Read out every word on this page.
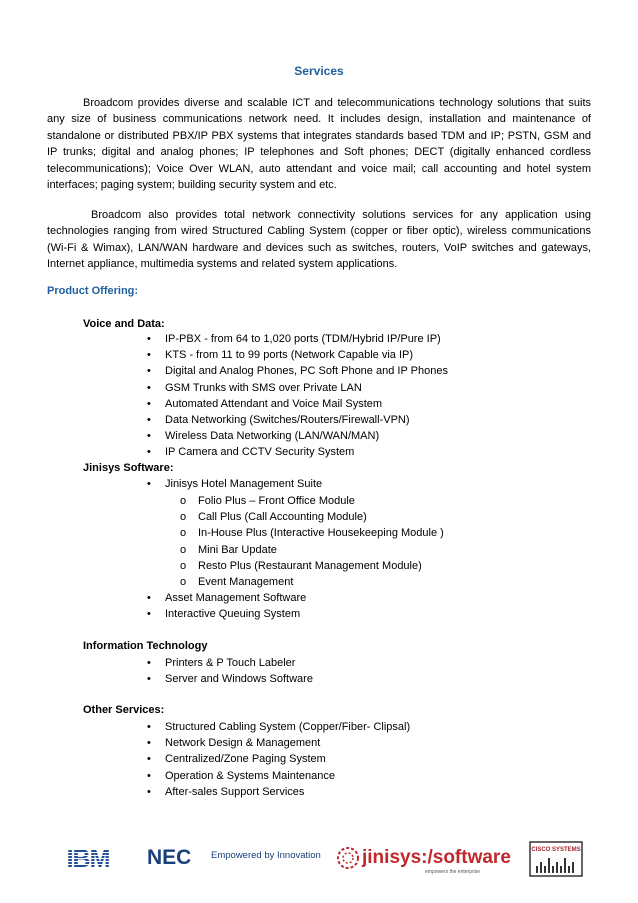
Services
Broadcom provides diverse and scalable ICT and telecommunications technology solutions that suits any size of business communications network need. It includes design, installation and maintenance of standalone or distributed PBX/IP PBX systems that integrates standards based TDM and IP; PSTN, GSM and IP trunks; digital and analog phones; IP telephones and Soft phones; DECT (digitally enhanced cordless telecommunications); Voice Over WLAN, auto attendant and voice mail; call accounting and hotel system interfaces; paging system; building security system and etc.
Broadcom also provides total network connectivity solutions services for any application using technologies ranging from wired Structured Cabling System (copper or fiber optic), wireless communications (Wi-Fi & Wimax), LAN/WAN hardware and devices such as switches, routers, VoIP switches and gateways, Internet appliance, multimedia systems and related system applications.
Product Offering:
Voice and Data:
• IP-PBX - from 64 to 1,020 ports (TDM/Hybrid IP/Pure IP)
• KTS - from 11 to 99 ports (Network Capable via IP)
• Digital and Analog Phones, PC Soft Phone and IP Phones
• GSM Trunks with SMS over Private LAN
• Automated Attendant and Voice Mail System
• Data Networking (Switches/Routers/Firewall-VPN)
• Wireless Data Networking (LAN/WAN/MAN)
• IP Camera and CCTV Security System
Jinisys Software:
• Jinisys Hotel Management Suite
o Folio Plus – Front Office Module
o Call Plus (Call Accounting Module)
o In-House Plus (Interactive Housekeeping Module )
o Mini Bar Update
o Resto Plus (Restaurant Management Module)
o Event Management
• Asset Management Software
• Interactive Queuing System
Information Technology
• Printers & P Touch Labeler
• Server and Windows Software
Other Services:
• Structured Cabling System (Copper/Fiber- Clipsal)
• Network Design & Management
• Centralized/Zone Paging System
• Operation & Systems Maintenance
• After-sales Support Services
IBM NEC Empowered by Innovation jinisys:/software
empowers the enterprise
CISCO SYSTEMS
